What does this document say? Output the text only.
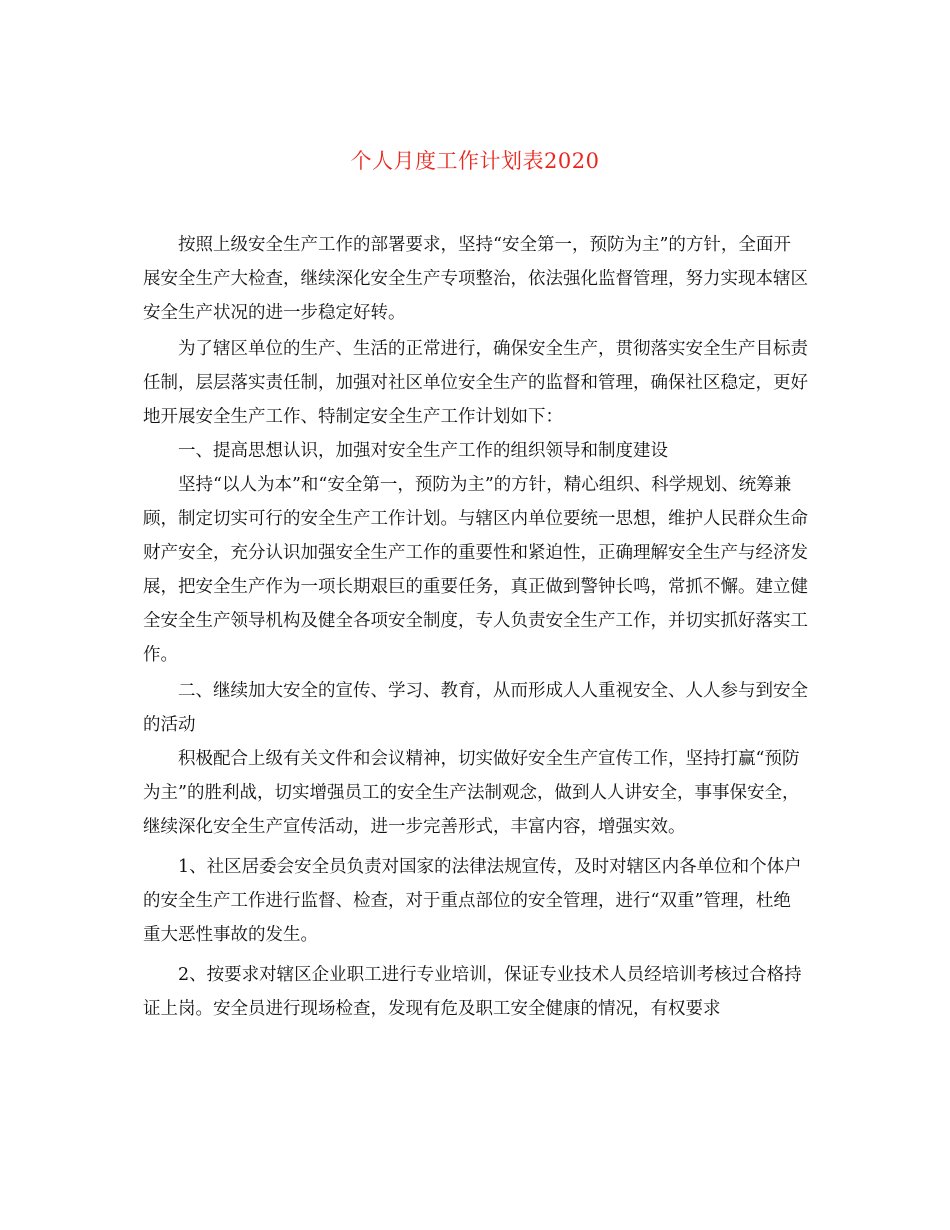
个人月度工作计划表2020

按照上级安全生产工作的部署要求，坚持“安全第一，预防为主”的方针，全面开展安全生产大检查，继续深化安全生产专项整治，依法强化监督管理，努力实现本辖区安全生产状况的进一步稳定好转。

为了辖区单位的生产、生活的正常进行，确保安全生产，贯彻落实安全生产目标责任制，层层落实责任制，加强对社区单位安全生产的监督和管理，确保社区稳定，更好地开展安全生产工作、特制定安全生产工作计划如下：

一、提高思想认识，加强对安全生产工作的组织领导和制度建设

坚持“以人为本”和“安全第一，预防为主”的方针，精心组织、科学规划、统筹兼顾，制定切实可行的安全生产工作计划。与辖区内单位要统一思想，维护人民群众生命财产安全，充分认识加强安全生产工作的重要性和紧迫性，正确理解安全生产与经济发展，把安全生产作为一项长期艰巨的重要任务，真正做到警钟长鸣，常抓不懈。建立健全安全生产领导机构及健全各项安全制度，专人负责安全生产工作，并切实抓好落实工作。

二、继续加大安全的宣传、学习、教育，从而形成人人重视安全、人人参与到安全的活动

积极配合上级有关文件和会议精神，切实做好安全生产宣传工作，坚持打赢“预防为主”的胜利战，切实增强员工的安全生产法制观念，做到人人讲安全，事事保安全，继续深化安全生产宣传活动，进一步完善形式，丰富内容，增强实效。

1、社区居委会安全员负责对国家的法律法规宣传，及时对辖区内各单位和个体户的安全生产工作进行监督、检查，对于重点部位的安全管理，进行“双重”管理，杜绝重大恶性事故的发生。

2、按要求对辖区企业职工进行专业培训，保证专业技术人员经培训考核过合格持证上岗。安全员进行现场检查，发现有危及职工安全健康的情况，有权要求
